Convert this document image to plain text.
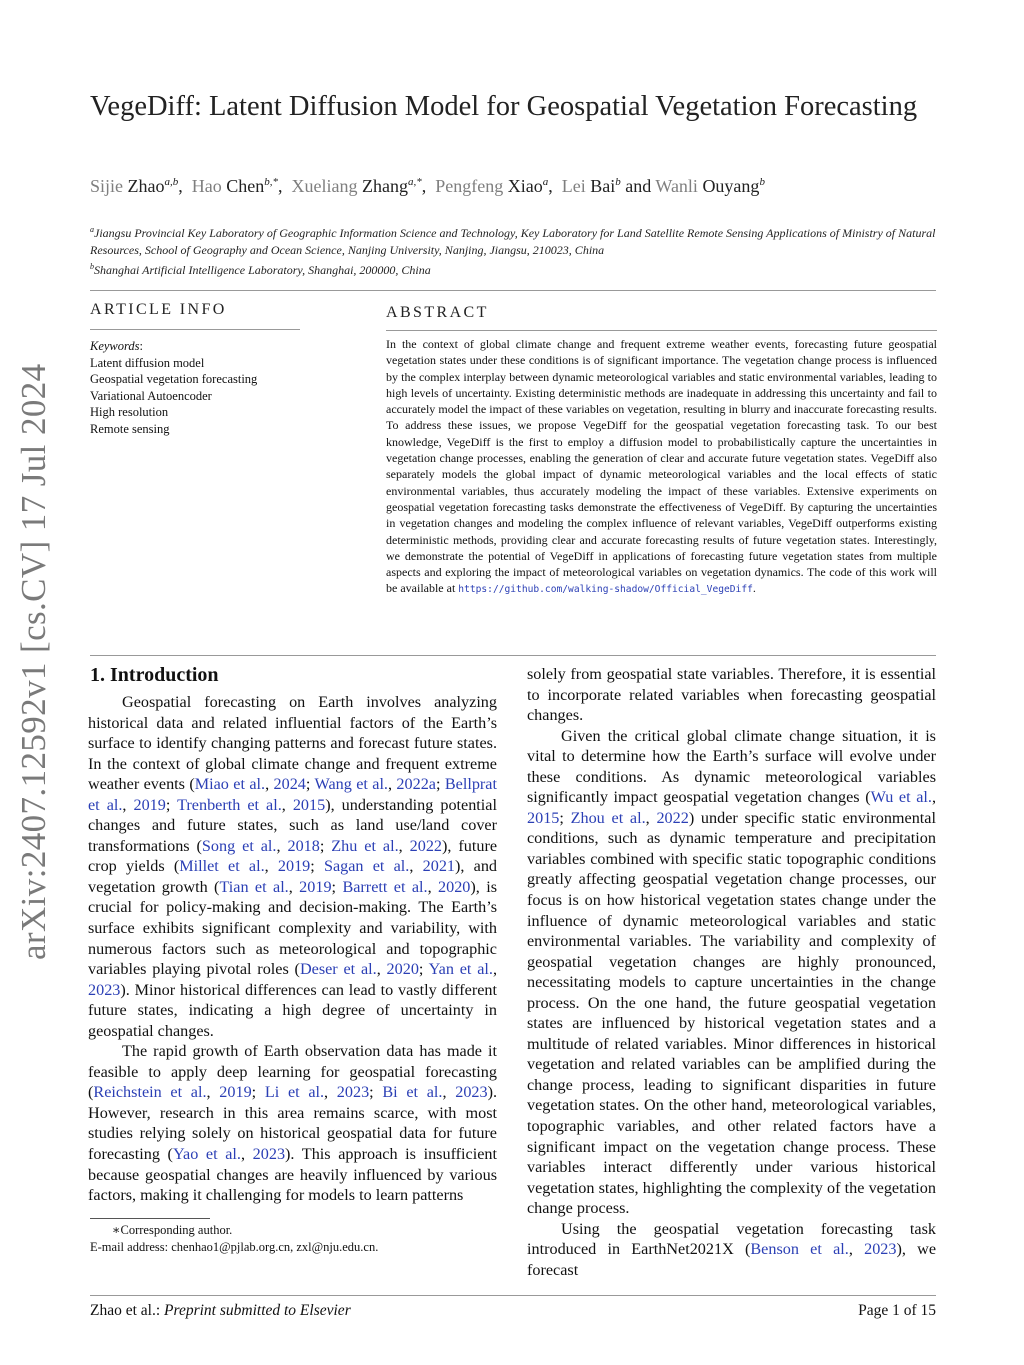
arXiv:2407.12592v1 [cs.CV] 17 Jul 2024
VegeDiff: Latent Diffusion Model for Geospatial Vegetation Forecasting
Sijie Zhao$^{a,b}$,  Hao Chen$^{b,*}$,  Xueliang Zhang$^{a,*}$,  Pengfeng Xiao$^a$,  Lei Bai$^b$ and Wanli Ouyang$^b$
$^a$Jiangsu Provincial Key Laboratory of Geographic Information Science and Technology, Key Laboratory for Land Satellite Remote Sensing Applications of Ministry of Natural Resources, School of Geography and Ocean Science, Nanjing University, Nanjing, Jiangsu, 210023, China
$^b$Shanghai Artificial Intelligence Laboratory, Shanghai, 200000, China
ARTICLE INFO
Keywords:
Latent diffusion model
Geospatial vegetation forecasting
Variational Autoencoder
High resolution
Remote sensing
ABSTRACT
In the context of global climate change and frequent extreme weather events, forecasting future geospatial vegetation states under these conditions is of significant importance. The vegetation change process is influenced by the complex interplay between dynamic meteorological variables and static environmental variables, leading to high levels of uncertainty. Existing deterministic methods are inadequate in addressing this uncertainty and fail to accurately model the impact of these variables on vegetation, resulting in blurry and inaccurate forecasting results. To address these issues, we propose VegeDiff for the geospatial vegetation forecasting task. To our best knowledge, VegeDiff is the first to employ a diffusion model to probabilistically capture the uncertainties in vegetation change processes, enabling the generation of clear and accurate future vegetation states. VegeDiff also separately models the global impact of dynamic meteorological variables and the local effects of static environmental variables, thus accurately modeling the impact of these variables. Extensive experiments on geospatial vegetation forecasting tasks demonstrate the effectiveness of VegeDiff. By capturing the uncertainties in vegetation changes and modeling the complex influence of relevant variables, VegeDiff outperforms existing deterministic methods, providing clear and accurate forecasting results of future vegetation states. Interestingly, we demonstrate the potential of VegeDiff in applications of forecasting future vegetation states from multiple aspects and exploring the impact of meteorological variables on vegetation dynamics. The code of this work will be available at https://github.com/walking-shadow/Official_VegeDiff.
1. Introduction

Geospatial forecasting on Earth involves analyzing historical data and related influential factors of the Earth’s surface to identify changing patterns and forecast future states. In the context of global climate change and frequent extreme weather events (Miao et al., 2024; Wang et al., 2022a; Bellprat et al., 2019; Trenberth et al., 2015), understanding potential changes and future states, such as land use/land cover transformations (Song et al., 2018; Zhu et al., 2022), future crop yields (Millet et al., 2019; Sagan et al., 2021), and vegetation growth (Tian et al., 2019; Barrett et al., 2020), is crucial for policy-making and decision-making. The Earth’s surface exhibits significant complexity and variability, with numerous factors such as meteorological and topographic variables playing pivotal roles (Deser et al., 2020; Yan et al., 2023). Minor historical differences can lead to vastly different future states, indicating a high degree of uncertainty in geospatial changes.

The rapid growth of Earth observation data has made it feasible to apply deep learning for geospatial forecasting (Reichstein et al., 2019; Li et al., 2023; Bi et al., 2023). However, research in this area remains scarce, with most studies relying solely on historical geospatial data for future forecasting (Yao et al., 2023). This approach is insufficient because geospatial changes are heavily influenced by various factors, making it challenging for models to learn patterns

solely from geospatial state variables. Therefore, it is essential to incorporate related variables when forecasting geospatial changes.

Given the critical global climate change situation, it is vital to determine how the Earth’s surface will evolve under these conditions. As dynamic meteorological variables significantly impact geospatial vegetation changes (Wu et al., 2015; Zhou et al., 2022) under specific static environmental conditions, such as dynamic temperature and precipitation variables combined with specific static topographic conditions greatly affecting geospatial vegetation change processes, our focus is on how historical vegetation states change under the influence of dynamic meteorological variables and static environmental variables. The variability and complexity of geospatial vegetation changes are highly pronounced, necessitating models to capture uncertainties in the change process. On the one hand, the future geospatial vegetation states are influenced by historical vegetation states and a multitude of related variables. Minor differences in historical vegetation and related variables can be amplified during the change process, leading to significant disparities in future vegetation states. On the other hand, meteorological variables, topographic variables, and other related factors have a significant impact on the vegetation change process. These variables interact differently under various historical vegetation states, highlighting the complexity of the vegetation change process.

Using the geospatial vegetation forecasting task introduced in EarthNet2021X (Benson et al., 2023), we forecast

∗Corresponding author.
E-mail address: chenhao1@pjlab.org.cn, zxl@nju.edu.cn.
Zhao et al.: Preprint submitted to Elsevier	Page 1 of 15
